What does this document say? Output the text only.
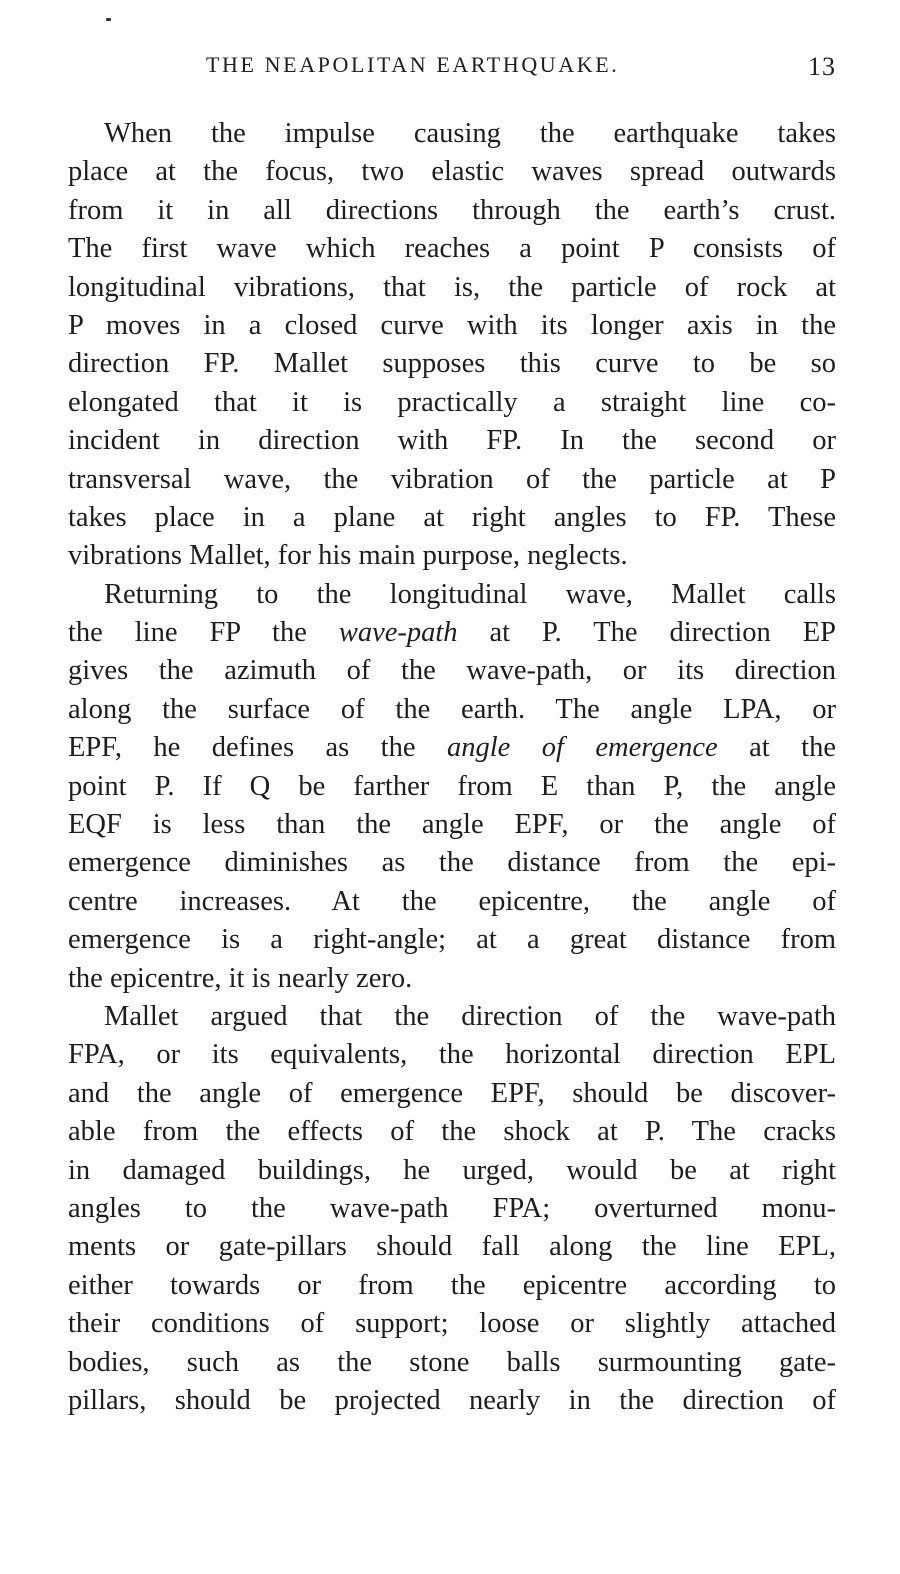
THE NEAPOLITAN EARTHQUAKE.	13
When the impulse causing the earthquake takes
place at the focus, two elastic waves spread outwards
from it in all directions through the earth’s crust.
The first wave which reaches a point P consists of
longitudinal vibrations, that is, the particle of rock at
P moves in a closed curve with its longer axis in the
direction FP. Mallet supposes this curve to be so
elongated that it is practically a straight line co-
incident in direction with FP. In the second or
transversal wave, the vibration of the particle at P
takes place in a plane at right angles to FP. These
vibrations Mallet, for his main purpose, neglects.
Returning to the longitudinal wave, Mallet calls
the line FP the wave-path at P. The direction EP
gives the azimuth of the wave-path, or its direction
along the surface of the earth. The angle LPA, or
EPF, he defines as the angle of emergence at the
point P. If Q be farther from E than P, the angle
EQF is less than the angle EPF, or the angle of
emergence diminishes as the distance from the epi-
centre increases. At the epicentre, the angle of
emergence is a right-angle; at a great distance from
the epicentre, it is nearly zero.
Mallet argued that the direction of the wave-path
FPA, or its equivalents, the horizontal direction EPL
and the angle of emergence EPF, should be discover-
able from the effects of the shock at P. The cracks
in damaged buildings, he urged, would be at right
angles to the wave-path FPA; overturned monu-
ments or gate-pillars should fall along the line EPL,
either towards or from the epicentre according to
their conditions of support; loose or slightly attached
bodies, such as the stone balls surmounting gate-
pillars, should be projected nearly in the direction of
